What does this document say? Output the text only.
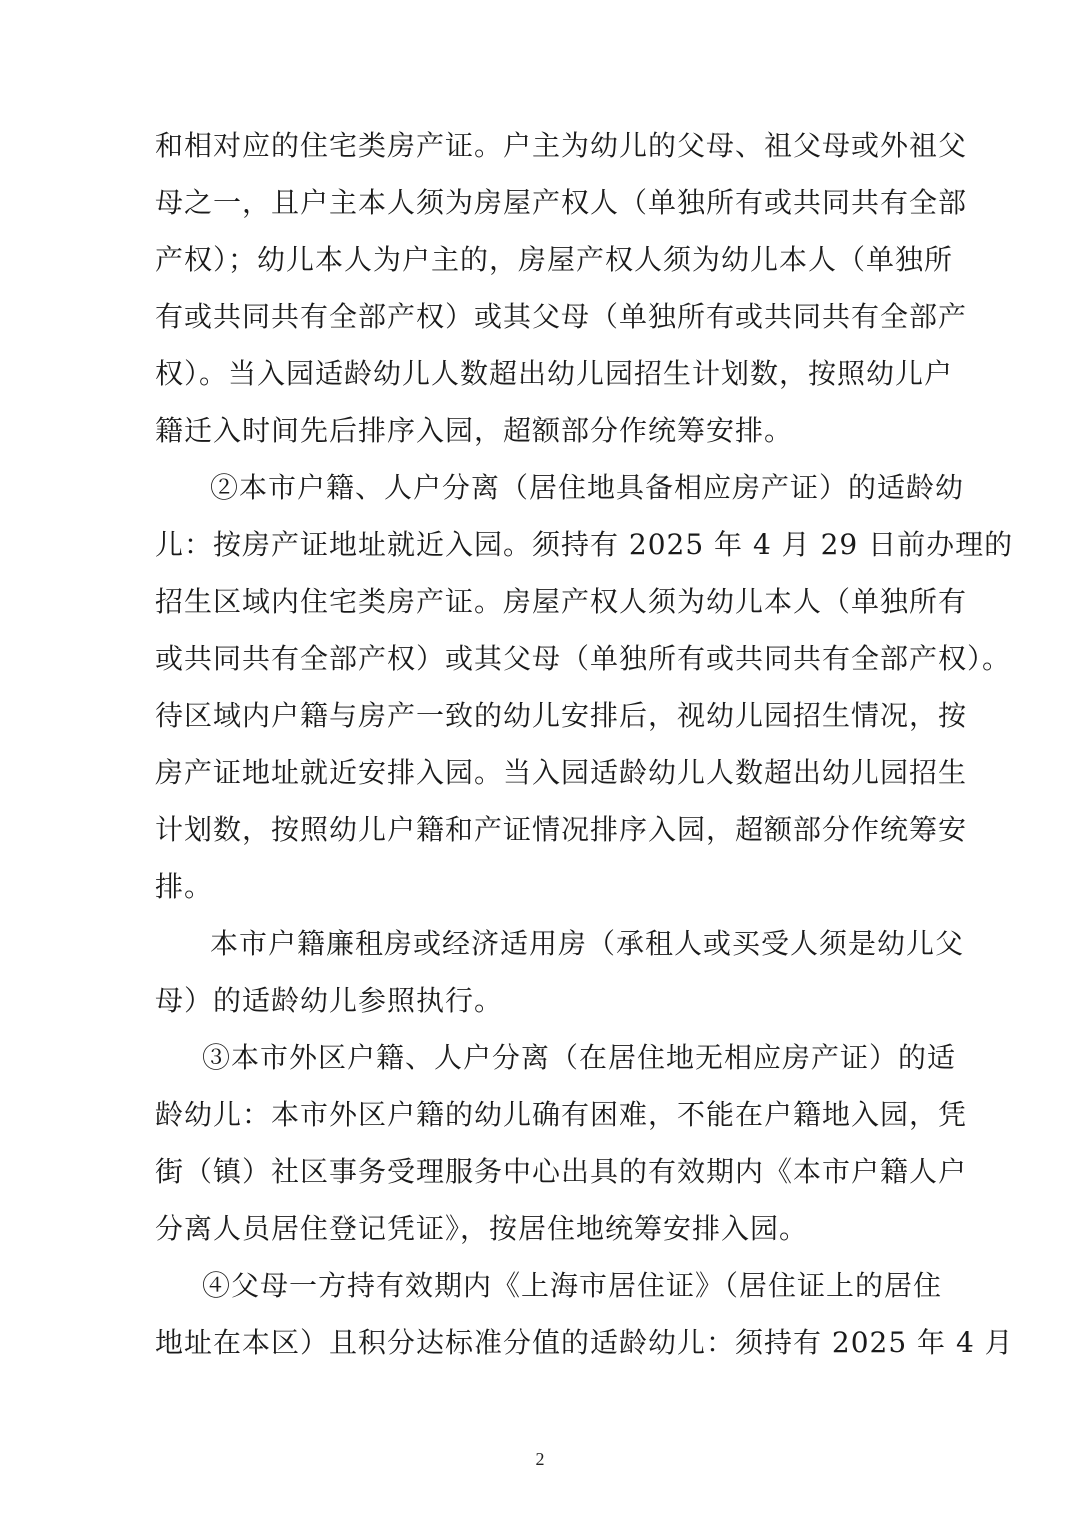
和相对应的住宅类房产证。户主为幼儿的父母、祖父母或外祖父
母之一，且户主本人须为房屋产权人（单独所有或共同共有全部
产权）；幼儿本人为户主的，房屋产权人须为幼儿本人（单独所
有或共同共有全部产权）或其父母（单独所有或共同共有全部产
权）。当入园适龄幼儿人数超出幼儿园招生计划数，按照幼儿户
籍迁入时间先后排序入园，超额部分作统筹安排。
②本市户籍、人户分离（居住地具备相应房产证）的适龄幼
儿：按房产证地址就近入园。须持有 2025 年 4 月 29 日前办理的
招生区域内住宅类房产证。房屋产权人须为幼儿本人（单独所有
或共同共有全部产权）或其父母（单独所有或共同共有全部产权）。
待区域内户籍与房产一致的幼儿安排后，视幼儿园招生情况，按
房产证地址就近安排入园。当入园适龄幼儿人数超出幼儿园招生
计划数，按照幼儿户籍和产证情况排序入园，超额部分作统筹安
排。
本市户籍廉租房或经济适用房（承租人或买受人须是幼儿父
母）的适龄幼儿参照执行。
③本市外区户籍、人户分离（在居住地无相应房产证）的适
龄幼儿：本市外区户籍的幼儿确有困难，不能在户籍地入园，凭
街（镇）社区事务受理服务中心出具的有效期内《本市户籍人户
分离人员居住登记凭证》，按居住地统筹安排入园。
④父母一方持有效期内《上海市居住证》（居住证上的居住
地址在本区）且积分达标准分值的适龄幼儿：须持有 2025 年 4 月
2
